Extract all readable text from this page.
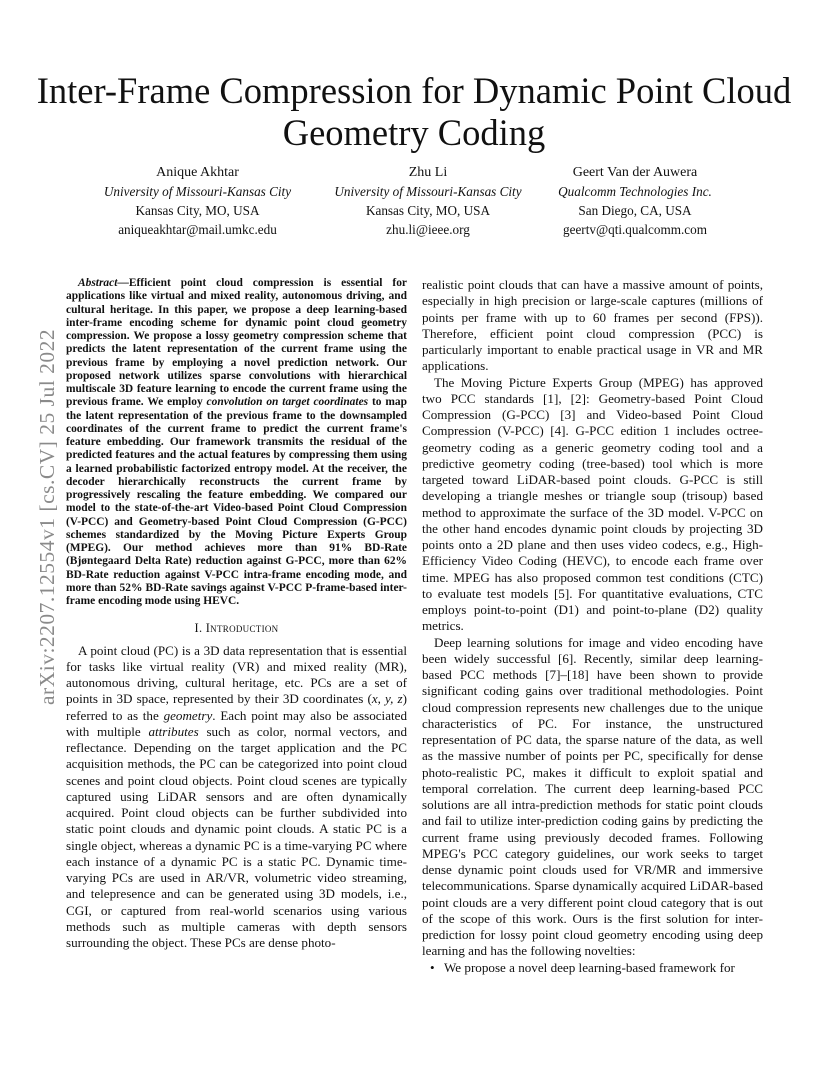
arXiv:2207.12554v1 [cs.CV] 25 Jul 2022
Inter-Frame Compression for Dynamic Point Cloud Geometry Coding
Anique Akhtar
University of Missouri-Kansas City
Kansas City, MO, USA
aniqueakhtar@mail.umkc.edu
Zhu Li
University of Missouri-Kansas City
Kansas City, MO, USA
zhu.li@ieee.org
Geert Van der Auwera
Qualcomm Technologies Inc.
San Diego, CA, USA
geertv@qti.qualcomm.com

Abstract—Efficient point cloud compression is essential for applications like virtual and mixed reality, autonomous driving, and cultural heritage. In this paper, we propose a deep learning-based inter-frame encoding scheme for dynamic point cloud geometry compression. We propose a lossy geometry compression scheme that predicts the latent representation of the current frame using the previous frame by employing a novel prediction network. Our proposed network utilizes sparse convolutions with hierarchical multiscale 3D feature learning to encode the current frame using the previous frame. We employ convolution on target coordinates to map the latent representation of the previous frame to the downsampled coordinates of the current frame to predict the current frame's feature embedding. Our framework transmits the residual of the predicted features and the actual features by compressing them using a learned probabilistic factorized entropy model. At the receiver, the decoder hierarchically reconstructs the current frame by progressively rescaling the feature embedding. We compared our model to the state-of-the-art Video-based Point Cloud Compression (V-PCC) and Geometry-based Point Cloud Compression (G-PCC) schemes standardized by the Moving Picture Experts Group (MPEG). Our method achieves more than 91% BD-Rate (Bjøntegaard Delta Rate) reduction against G-PCC, more than 62% BD-Rate reduction against V-PCC intra-frame encoding mode, and more than 52% BD-Rate savings against V-PCC P-frame-based inter-frame encoding mode using HEVC.

I. Introduction

A point cloud (PC) is a 3D data representation that is essential for tasks like virtual reality (VR) and mixed reality (MR), autonomous driving, cultural heritage, etc. PCs are a set of points in 3D space, represented by their 3D coordinates (x, y, z) referred to as the geometry. Each point may also be associated with multiple attributes such as color, normal vectors, and reflectance. Depending on the target application and the PC acquisition methods, the PC can be categorized into point cloud scenes and point cloud objects. Point cloud scenes are typically captured using LiDAR sensors and are often dynamically acquired. Point cloud objects can be further subdivided into static point clouds and dynamic point clouds. A static PC is a single object, whereas a dynamic PC is a time-varying PC where each instance of a dynamic PC is a static PC. Dynamic time-varying PCs are used in AR/VR, volumetric video streaming, and telepresence and can be generated using 3D models, i.e., CGI, or captured from real-world scenarios using various methods such as multiple cameras with depth sensors surrounding the object. These PCs are dense photo-

realistic point clouds that can have a massive amount of points, especially in high precision or large-scale captures (millions of points per frame with up to 60 frames per second (FPS)). Therefore, efficient point cloud compression (PCC) is particularly important to enable practical usage in VR and MR applications.

The Moving Picture Experts Group (MPEG) has approved two PCC standards [1], [2]: Geometry-based Point Cloud Compression (G-PCC) [3] and Video-based Point Cloud Compression (V-PCC) [4]. G-PCC edition 1 includes octree-geometry coding as a generic geometry coding tool and a predictive geometry coding (tree-based) tool which is more targeted toward LiDAR-based point clouds. G-PCC is still developing a triangle meshes or triangle soup (trisoup) based method to approximate the surface of the 3D model. V-PCC on the other hand encodes dynamic point clouds by projecting 3D points onto a 2D plane and then uses video codecs, e.g., High-Efficiency Video Coding (HEVC), to encode each frame over time. MPEG has also proposed common test conditions (CTC) to evaluate test models [5]. For quantitative evaluations, CTC employs point-to-point (D1) and point-to-plane (D2) quality metrics.

Deep learning solutions for image and video encoding have been widely successful [6]. Recently, similar deep learning-based PCC methods [7]–[18] have been shown to provide significant coding gains over traditional methodologies. Point cloud compression represents new challenges due to the unique characteristics of PC. For instance, the unstructured representation of PC data, the sparse nature of the data, as well as the massive number of points per PC, specifically for dense photo-realistic PC, makes it difficult to exploit spatial and temporal correlation. The current deep learning-based PCC solutions are all intra-prediction methods for static point clouds and fail to utilize inter-prediction coding gains by predicting the current frame using previously decoded frames. Following MPEG's PCC category guidelines, our work seeks to target dense dynamic point clouds used for VR/MR and immersive telecommunications. Sparse dynamically acquired LiDAR-based point clouds are a very different point cloud category that is out of the scope of this work. Ours is the first solution for inter-prediction for lossy point cloud geometry encoding using deep learning and has the following novelties:

• We propose a novel deep learning-based framework for
